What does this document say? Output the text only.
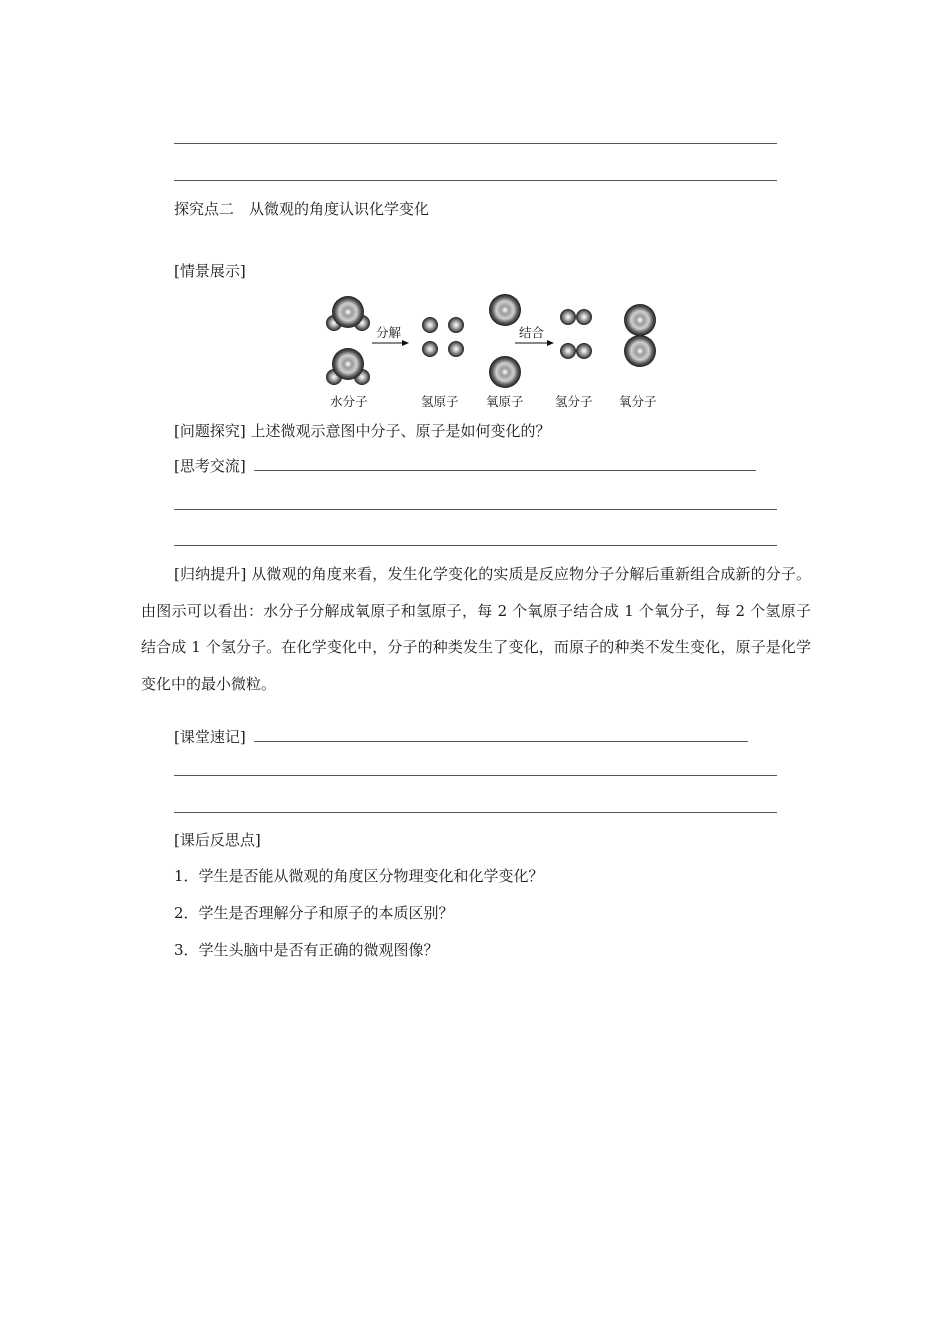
探究点二　从微观的角度认识化学变化
[情景展示]
分解	结合
水分子	氢原子 氧原子	氢分子 氧分子
[问题探究] 上述微观示意图中分子、原子是如何变化的？
[思考交流]
[归纳提升] 从微观的角度来看，发生化学变化的实质是反应物分子分解后重新组合成新的分子。由图示可以看出：水分子分解成氧原子和氢原子，每 2 个氧原子结合成 1 个氧分子，每 2 个氢原子结合成 1 个氢分子。在化学变化中，分子的种类发生了变化，而原子的种类不发生变化，原子是化学变化中的最小微粒。
[课堂速记]
[课后反思点]
1．学生是否能从微观的角度区分物理变化和化学变化？
2．学生是否理解分子和原子的本质区别？
3．学生头脑中是否有正确的微观图像？
